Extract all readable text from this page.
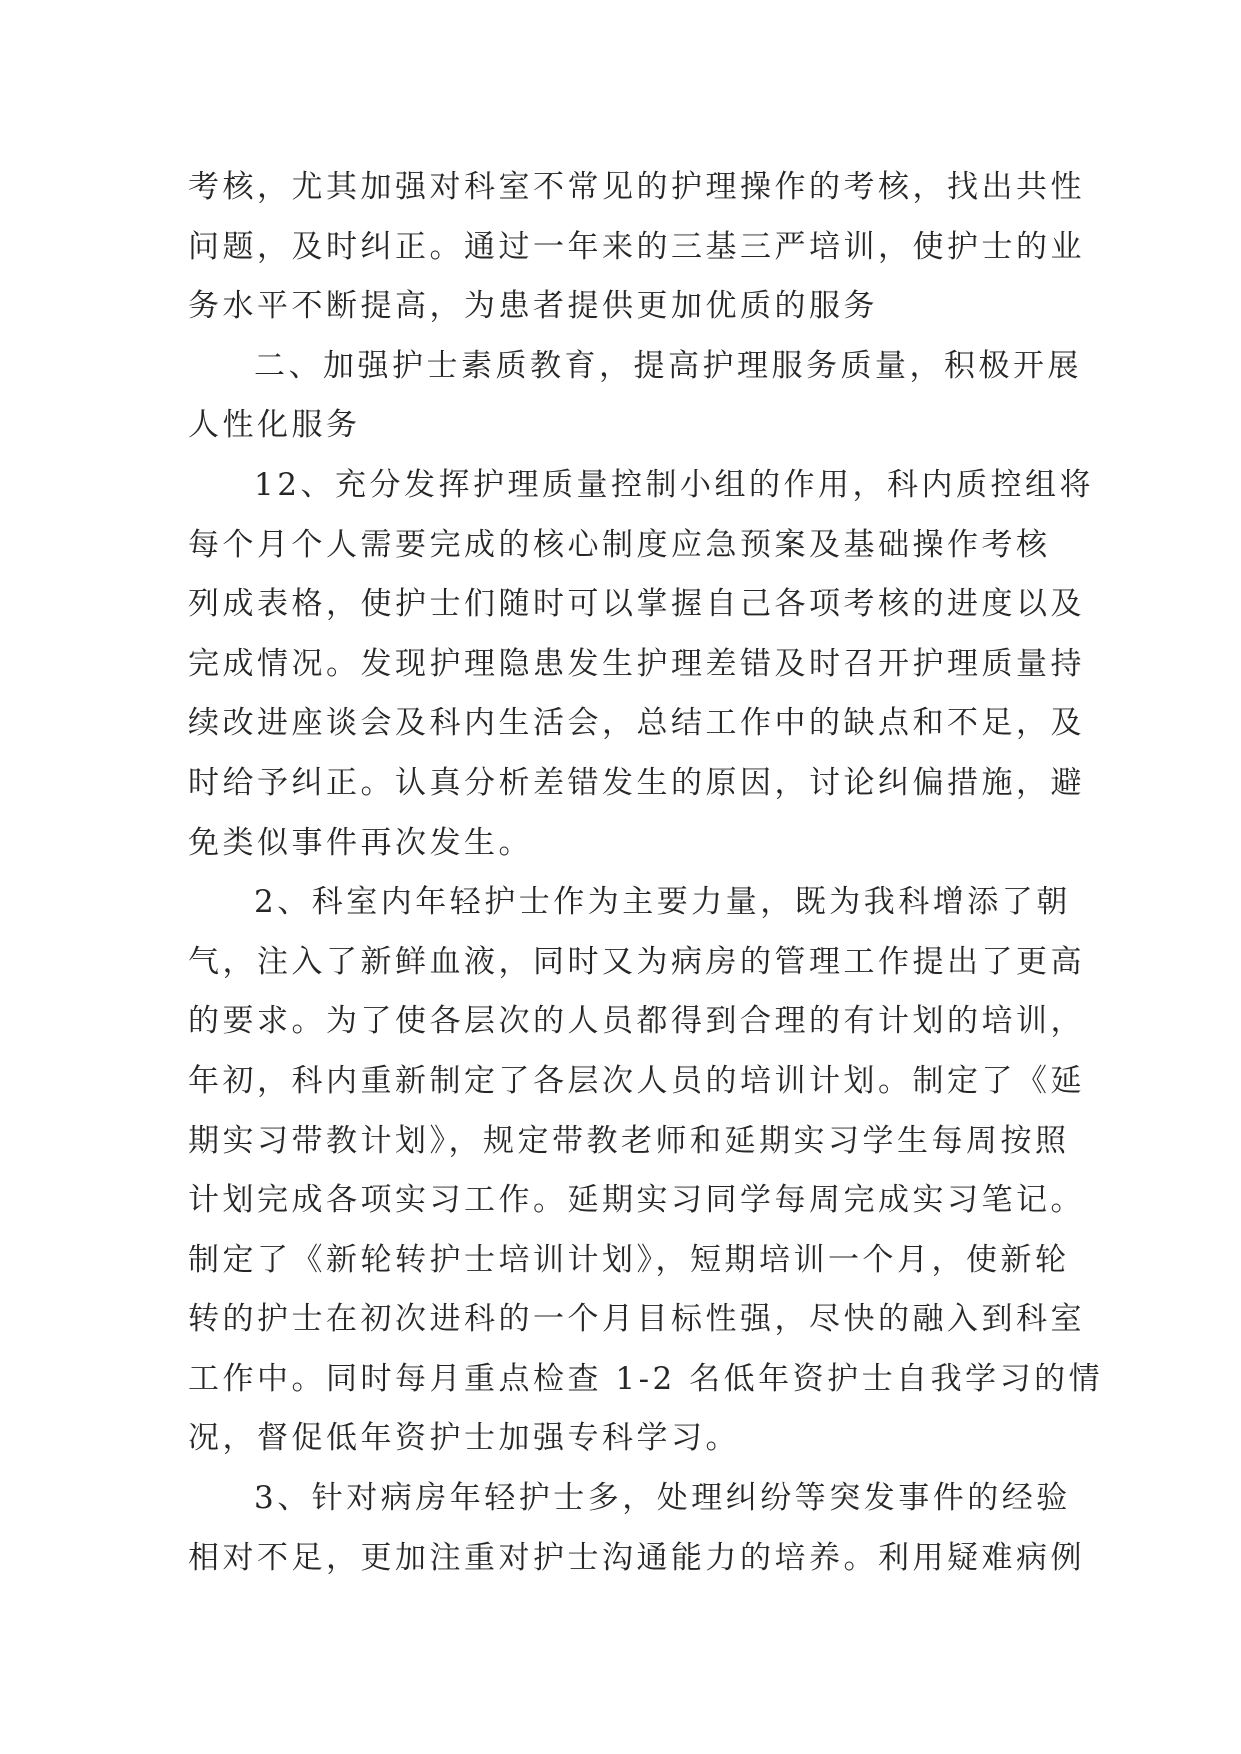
考核，尤其加强对科室不常见的护理操作的考核，找出共性
问题，及时纠正。通过一年来的三基三严培训，使护士的业
务水平不断提高，为患者提供更加优质的服务
二、加强护士素质教育，提高护理服务质量，积极开展
人性化服务
12、充分发挥护理质量控制小组的作用，科内质控组将
每个月个人需要完成的核心制度应急预案及基础操作考核
列成表格，使护士们随时可以掌握自己各项考核的进度以及
完成情况。发现护理隐患发生护理差错及时召开护理质量持
续改进座谈会及科内生活会，总结工作中的缺点和不足，及
时给予纠正。认真分析差错发生的原因，讨论纠偏措施，避
免类似事件再次发生。
2、科室内年轻护士作为主要力量，既为我科增添了朝
气，注入了新鲜血液，同时又为病房的管理工作提出了更高
的要求。为了使各层次的人员都得到合理的有计划的培训，
年初，科内重新制定了各层次人员的培训计划。制定了《延
期实习带教计划》，规定带教老师和延期实习学生每周按照
计划完成各项实习工作。延期实习同学每周完成实习笔记。
制定了《新轮转护士培训计划》，短期培训一个月，使新轮
转的护士在初次进科的一个月目标性强，尽快的融入到科室
工作中。同时每月重点检查 1-2 名低年资护士自我学习的情
况，督促低年资护士加强专科学习。
3、针对病房年轻护士多，处理纠纷等突发事件的经验
相对不足，更加注重对护士沟通能力的培养。利用疑难病例
